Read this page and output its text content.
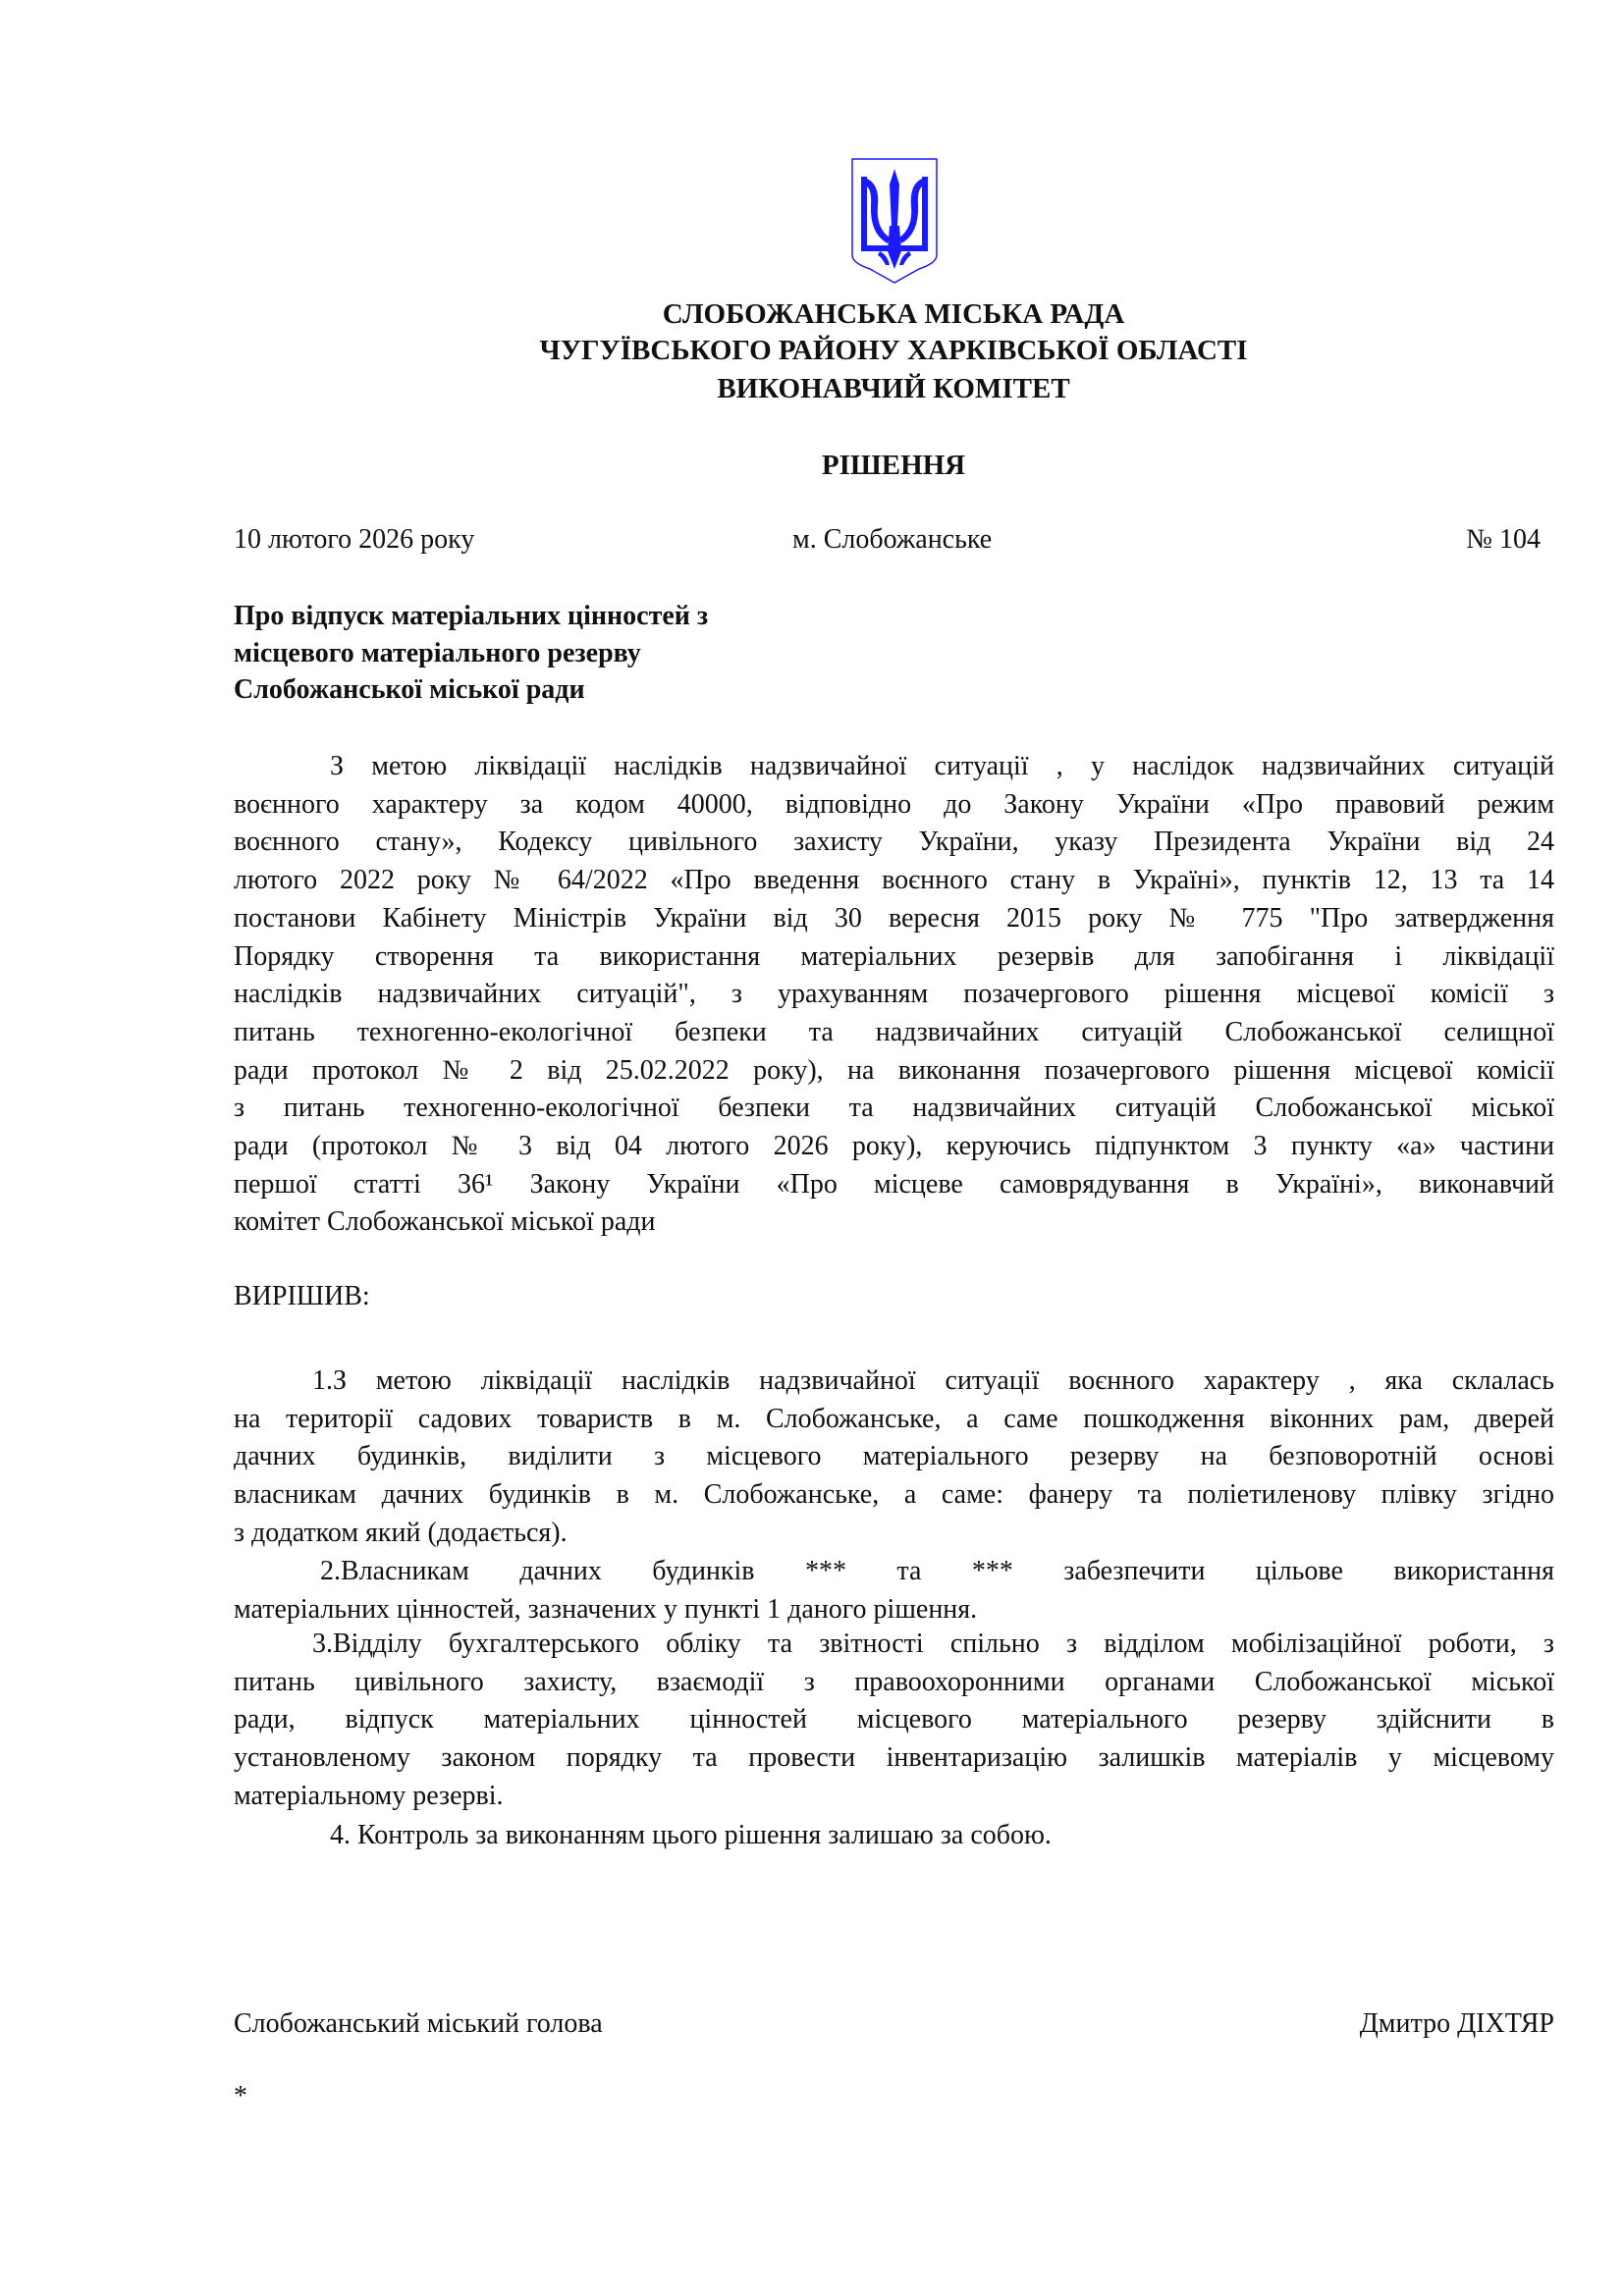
СЛОБОЖАНСЬКА МІСЬКА РАДА
ЧУГУЇВСЬКОГО РАЙОНУ ХАРКІВСЬКОЇ ОБЛАСТІ
ВИКОНАВЧИЙ КОМІТЕТ
РІШЕННЯ
10 лютого 2026 року	м. Слобожанське	№ 104
Про відпуск матеріальних цінностей з
місцевого матеріального резерву
Слобожанської міської ради
З метою ліквідації наслідків надзвичайної ситуації , у наслідок надзвичайних ситуацій
воєнного характеру за кодом 40000, відповідно до Закону України «Про правовий режим
воєнного стану», Кодексу цивільного захисту України, указу Президента України від 24
лютого 2022 року № 64/2022 «Про введення воєнного стану в Україні», пунктів 12, 13 та 14
постанови Кабінету Міністрів України від 30 вересня 2015 року № 775 "Про затвердження
Порядку створення та використання матеріальних резервів для запобігання і ліквідації
наслідків надзвичайних ситуацій", з урахуванням позачергового рішення місцевої комісії з
питань техногенно-екологічної безпеки та надзвичайних ситуацій Слобожанської селищної
ради протокол № 2 від 25.02.2022 року), на виконання позачергового рішення місцевої комісії
з питань техногенно-екологічної безпеки та надзвичайних ситуацій Слобожанської міської
ради (протокол № 3 від 04 лютого 2026 року), керуючись підпунктом 3 пункту «а» частини
першої статті 36¹ Закону України «Про місцеве самоврядування в Україні», виконавчий
комітет Слобожанської міської ради
ВИРІШИВ:
1.З метою ліквідації наслідків надзвичайної ситуації воєнного характеру , яка склалась
на території садових товариств в м. Слобожанське, а саме пошкодження віконних рам, дверей
дачних будинків, виділити з місцевого матеріального резерву на безповоротній основі
власникам дачних будинків в м. Слобожанське, а саме: фанеру та поліетиленову плівку згідно
з додатком який (додається).
2.Власникам дачних будинків *** та *** забезпечити цільове використання
матеріальних цінностей, зазначених у пункті 1 даного рішення.
3.Відділу бухгалтерського обліку та звітності спільно з відділом мобілізаційної роботи, з
питань цивільного захисту, взаємодії з правоохоронними органами Слобожанської міської
ради, відпуск матеріальних цінностей місцевого матеріального резерву здійснити в
установленому законом порядку та провести інвентаризацію залишків матеріалів у місцевому
матеріальному резерві.
4. Контроль за виконанням цього рішення залишаю за собою.
Слобожанський міський голова	Дмитро ДІХТЯР
*
